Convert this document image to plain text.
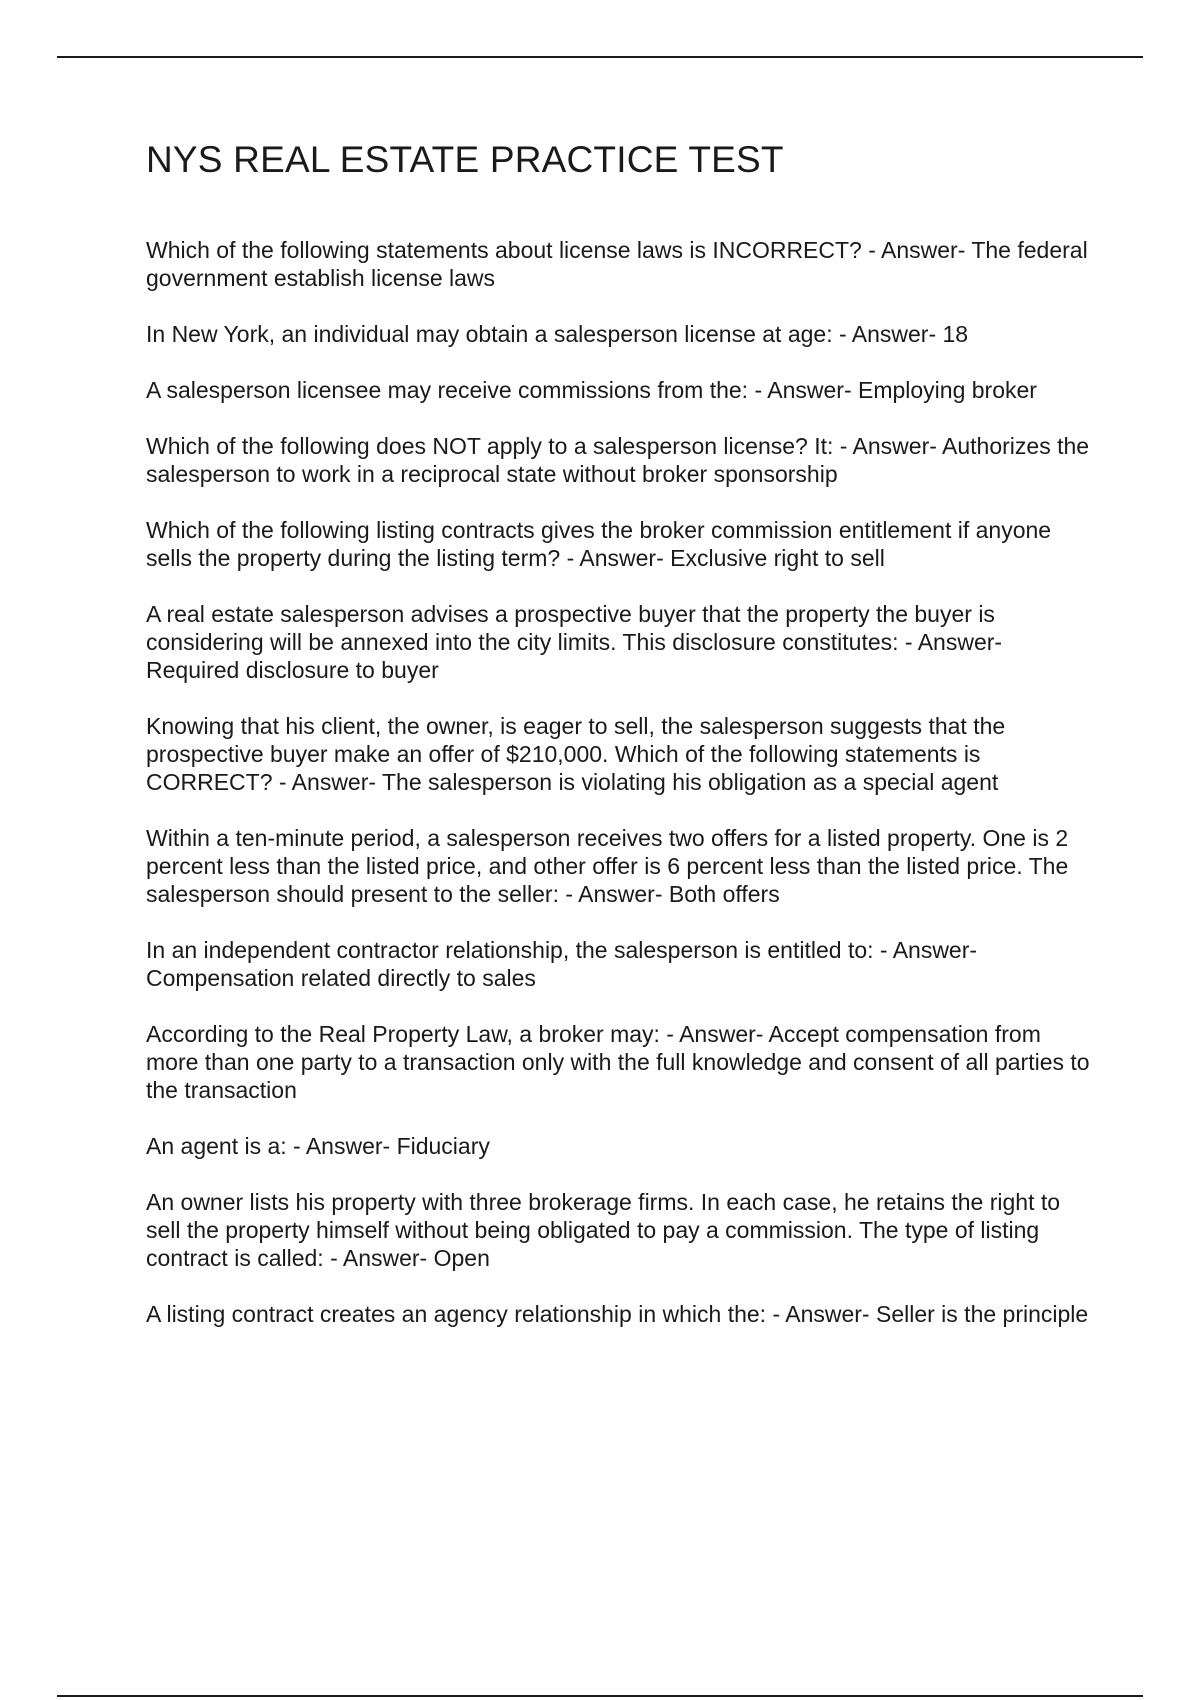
NYS REAL ESTATE PRACTICE TEST

Which of the following statements about license laws is INCORRECT? - Answer- The federal government establish license laws

In New York, an individual may obtain a salesperson license at age: - Answer- 18

A salesperson licensee may receive commissions from the: - Answer- Employing broker

Which of the following does NOT apply to a salesperson license? It: - Answer- Authorizes the salesperson to work in a reciprocal state without broker sponsorship

Which of the following listing contracts gives the broker commission entitlement if anyone sells the property during the listing term? - Answer- Exclusive right to sell

A real estate salesperson advises a prospective buyer that the property the buyer is considering will be annexed into the city limits. This disclosure constitutes: - Answer- Required disclosure to buyer

Knowing that his client, the owner, is eager to sell, the salesperson suggests that the prospective buyer make an offer of $210,000. Which of the following statements is CORRECT? - Answer- The salesperson is violating his obligation as a special agent

Within a ten-minute period, a salesperson receives two offers for a listed property. One is 2 percent less than the listed price, and other offer is 6 percent less than the listed price. The salesperson should present to the seller: - Answer- Both offers

In an independent contractor relationship, the salesperson is entitled to: - Answer- Compensation related directly to sales

According to the Real Property Law, a broker may: - Answer- Accept compensation from more than one party to a transaction only with the full knowledge and consent of all parties to the transaction

An agent is a: - Answer- Fiduciary

An owner lists his property with three brokerage firms. In each case, he retains the right to sell the property himself without being obligated to pay a commission. The type of listing contract is called: - Answer- Open

A listing contract creates an agency relationship in which the: - Answer- Seller is the principle
